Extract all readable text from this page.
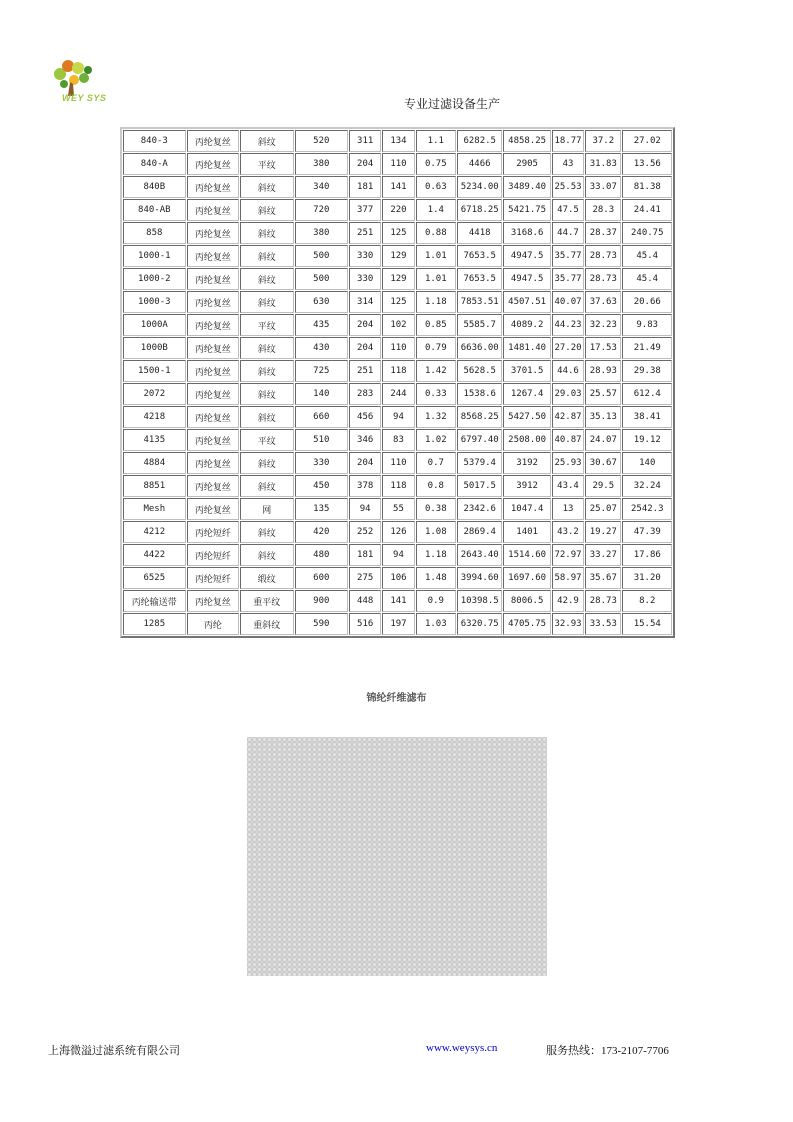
WEY SYS	专业过滤设备生产
840-3	丙纶复丝	斜纹	520	311	134	1.1	6282.5	4858.25	18.77	37.2	27.02
840-A	丙纶复丝	平纹	380	204	110	0.75	4466	2905	43	31.83	13.56
840B	丙纶复丝	斜纹	340	181	141	0.63	5234.00	3489.40	25.53	33.07	81.38
840-AB	丙纶复丝	斜纹	720	377	220	1.4	6718.25	5421.75	47.5	28.3	24.41
858	丙纶复丝	斜纹	380	251	125	0.88	4418	3168.6	44.7	28.37	240.75
1000-1	丙纶复丝	斜纹	500	330	129	1.01	7653.5	4947.5	35.77	28.73	45.4
1000-2	丙纶复丝	斜纹	500	330	129	1.01	7653.5	4947.5	35.77	28.73	45.4
1000-3	丙纶复丝	斜纹	630	314	125	1.18	7853.51	4507.51	40.07	37.63	20.66
1000A	丙纶复丝	平纹	435	204	102	0.85	5585.7	4089.2	44.23	32.23	9.83
1000B	丙纶复丝	斜纹	430	204	110	0.79	6636.00	1481.40	27.20	17.53	21.49
1500-1	丙纶复丝	斜纹	725	251	118	1.42	5628.5	3701.5	44.6	28.93	29.38
2072	丙纶复丝	斜纹	140	283	244	0.33	1538.6	1267.4	29.03	25.57	612.4
4218	丙纶复丝	斜纹	660	456	94	1.32	8568.25	5427.50	42.87	35.13	38.41
4135	丙纶复丝	平纹	510	346	83	1.02	6797.40	2508.00	40.87	24.07	19.12
4884	丙纶复丝	斜纹	330	204	110	0.7	5379.4	3192	25.93	30.67	140
8851	丙纶复丝	斜纹	450	378	118	0.8	5017.5	3912	43.4	29.5	32.24
Mesh	丙纶复丝	网	135	94	55	0.38	2342.6	1047.4	13	25.07	2542.3
4212	丙纶短纤	斜纹	420	252	126	1.08	2869.4	1401	43.2	19.27	47.39
4422	丙纶短纤	斜纹	480	181	94	1.18	2643.40	1514.60	72.97	33.27	17.86
6525	丙纶短纤	缎纹	600	275	106	1.48	3994.60	1697.60	58.97	35.67	31.20
丙纶输送带	丙纶复丝	重平纹	900	448	141	0.9	10398.5	8006.5	42.9	28.73	8.2
1285	丙纶	重斜纹	590	516	197	1.03	6320.75	4705.75	32.93	33.53	15.54
锦纶纤维滤布
上海微溢过滤系统有限公司	www.weysys.cn	服务热线：173-2107-7706
